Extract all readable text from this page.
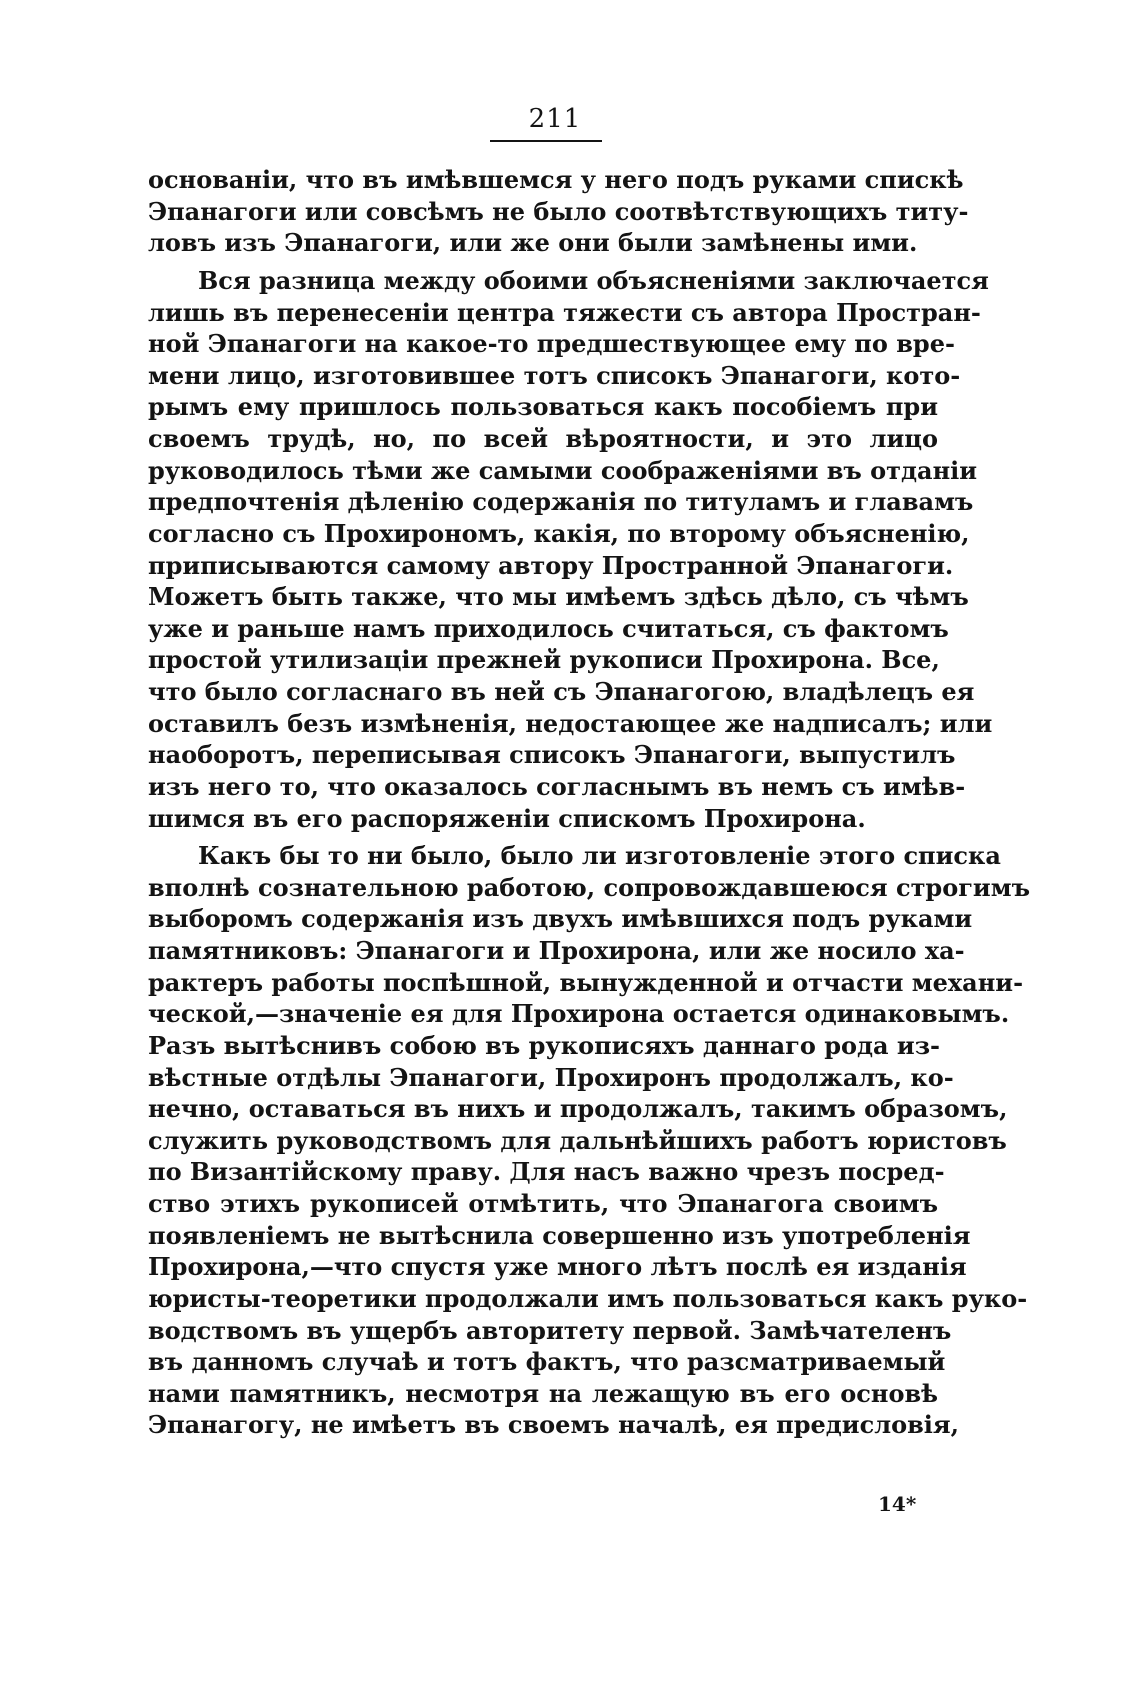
211
основанiи, что въ имѣвшемся у него подъ руками спискѣ
Эпанагоги или совсѣмъ не было соотвѣтствующихъ титу-
ловъ изъ Эпанагоги, или же они были замѣнены ими.
Вся разница между обоими объясненiями заключается
лишь въ перенесенiи центра тяжести съ автора Простран-
ной Эпанагоги на какое-то предшествующее ему по вре-
мени лицо, изготовившее тотъ списокъ Эпанагоги, кото-
рымъ ему пришлось пользоваться какъ пособiемъ при
своемъ трудѣ, но, по всей вѣроятности, и это лицо
руководилось тѣми же самыми соображенiями въ отданiи
предпочтенiя дѣленiю содержанiя по титуламъ и главамъ
согласно съ Прохирономъ, какiя, по второму объясненiю,
приписываются самому автору Пространной Эпанагоги.
Можетъ быть также, что мы имѣемъ здѣсь дѣло, съ чѣмъ
уже и раньше намъ приходилось считаться, съ фактомъ
простой утилизацiи прежней рукописи Прохирона. Все,
что было согласнаго въ ней съ Эпанагогою, владѣлецъ ея
оставилъ безъ измѣненiя, недостающее же надписалъ; или
наоборотъ, переписывая списокъ Эпанагоги, выпустилъ
изъ него то, что оказалось согласнымъ въ немъ съ имѣв-
шимся въ его распоряженiи спискомъ Прохирона.
Какъ бы то ни было, было ли изготовленiе этого списка
вполнѣ сознательною работою, сопровождавшеюся строгимъ
выборомъ содержанiя изъ двухъ имѣвшихся подъ руками
памятниковъ: Эпанагоги и Прохирона, или же носило ха-
рактеръ работы поспѣшной, вынужденной и отчасти механи-
ческой,—значенiе ея для Прохирона остается одинаковымъ.
Разъ вытѣснивъ собою въ рукописяхъ даннаго рода из-
вѣстные отдѣлы Эпанагоги, Прохиронъ продолжалъ, ко-
нечно, оставаться въ нихъ и продолжалъ, такимъ образомъ,
служить руководствомъ для дальнѣйшихъ работъ юристовъ
по Византiйскому праву. Для насъ важно чрезъ посред-
ство этихъ рукописей отмѣтить, что Эпанагога своимъ
появленiемъ не вытѣснила совершенно изъ употребленiя
Прохирона,—что спустя уже много лѣтъ послѣ ея изданiя
юристы-теоретики продолжали имъ пользоваться какъ руко-
водствомъ въ ущербъ авторитету первой. Замѣчателенъ
въ данномъ случаѣ и тотъ фактъ, что разсматриваемый
нами памятникъ, несмотря на лежащую въ его основѣ
Эпанагогу, не имѣетъ въ своемъ началѣ, ея предисловiя,
14*
